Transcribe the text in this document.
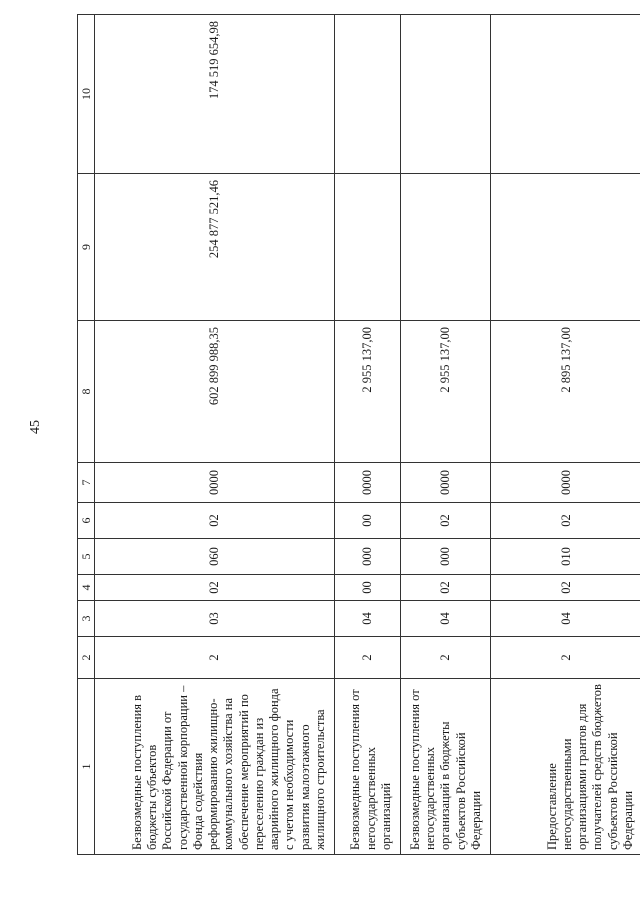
45
1	2	3	4	5	6	7	8	9	10
Безвозмедные поступления в бюджеты субъектов Российской Федерации от государственной корпорации – Фонда содействия реформированию жилищно-коммунального хозяйства на обеспечение мероприятий по переселению граждан из аварийного жилищного фонда с учетом необходимости развития малоэтажного жилищного строительства	2	03	02	060	02	0000	602 899 988,35	254 877 521,46	174 519 654,98
Безвозмедные поступления от негосударственных организаций	2	04	00	000	00	0000	2 955 137,00		
Безвозмедные поступления от негосударственных организаций в бюджеты субъектов Российской Федерации	2	04	02	000	02	0000	2 955 137,00		
Предоставление негосударственными организациями грантов для получателей средств бюджетов субъектов Российской Федерации	2	04	02	010	02	0000	2 895 137,00		
